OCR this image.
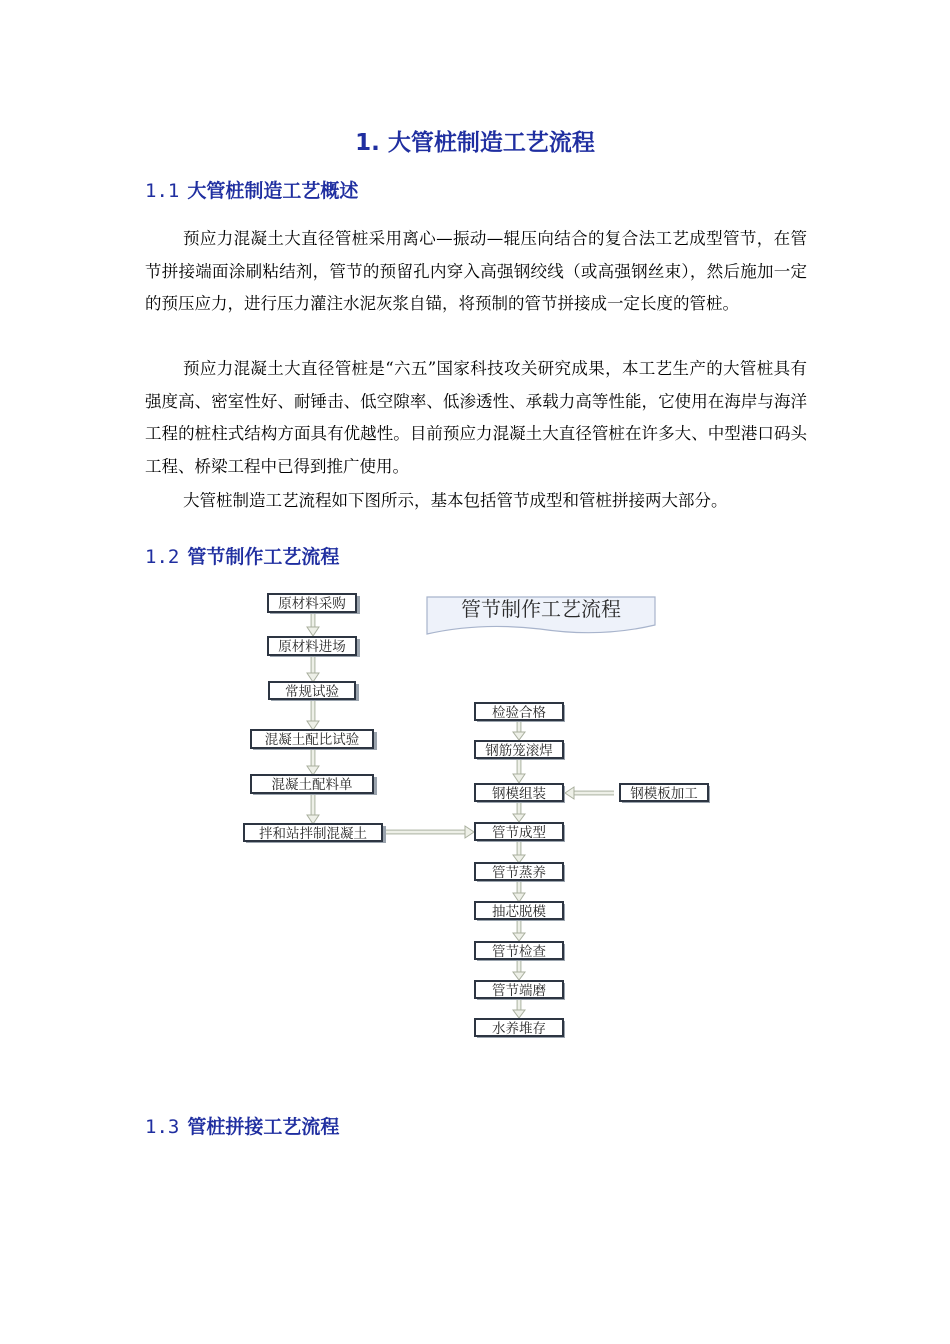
1. 大管桩制造工艺流程
1.1 大管桩制造工艺概述
预应力混凝土大直径管桩采用离心—振动—辊压向结合的复合法工艺成型管节，在管节拼接端面涂刷粘结剂，管节的预留孔内穿入高强钢绞线（或高强钢丝束），然后施加一定的预压应力，进行压力灌注水泥灰浆自锚，将预制的管节拼接成一定长度的管桩。
预应力混凝土大直径管桩是“六五”国家科技攻关研究成果，本工艺生产的大管桩具有强度高、密室性好、耐锤击、低空隙率、低渗透性、承载力高等性能，它使用在海岸与海洋工程的桩柱式结构方面具有优越性。目前预应力混凝土大直径管桩在许多大、中型港口码头工程、桥梁工程中已得到推广使用。
大管桩制造工艺流程如下图所示，基本包括管节成型和管桩拼接两大部分。
1.2 管节制作工艺流程
管节制作工艺流程
原材料采购
原材料进场
常规试验
混凝土配比试验
混凝土配料单
拌和站拌制混凝土
检验合格
钢筋笼滚焊
钢模组装
管节成型
管节蒸养
抽芯脱模
管节检查
管节端磨
水养堆存
钢模板加工
1.3 管桩拼接工艺流程
